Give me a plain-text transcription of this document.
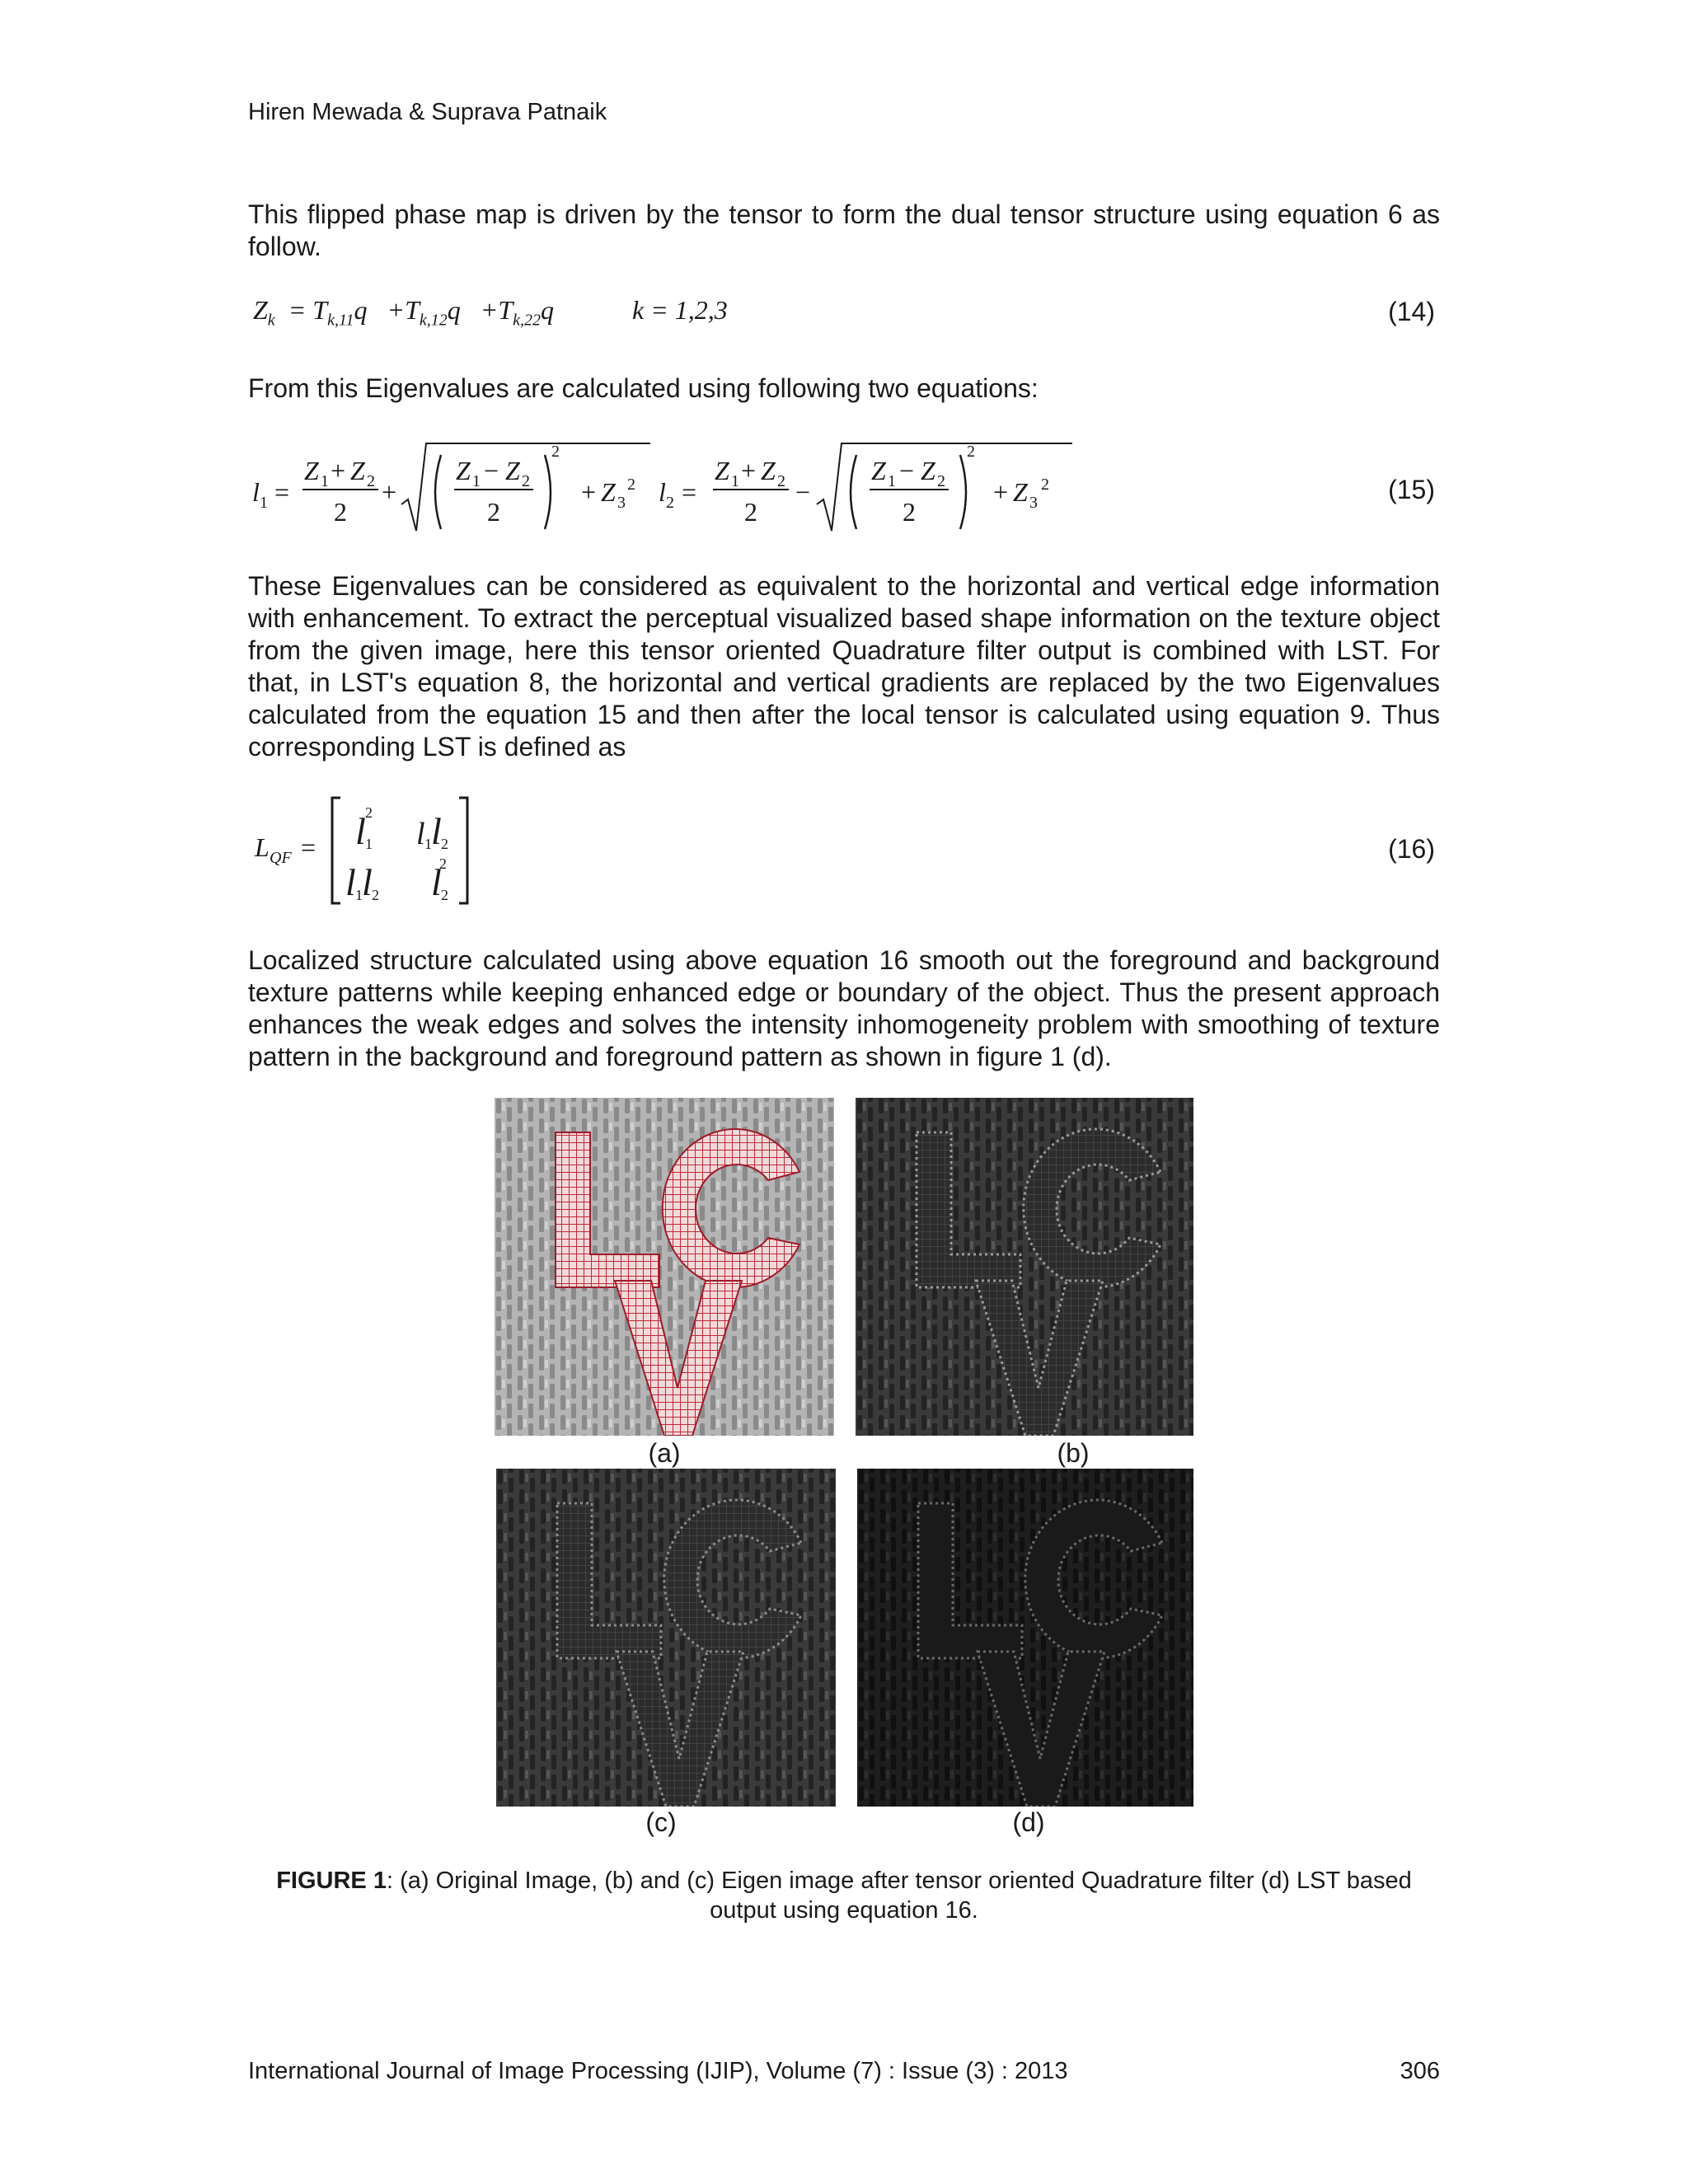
Hiren Mewada & Suprava Patnaik
This flipped phase map is driven by the tensor to form the dual tensor structure using equation 6 as follow.
$Z_k = T_{k,11}q +T_{k,12}q +T_{k,22}q$	k = 1,2,3	(14)
From this Eigenvalues are calculated using following two equations:
l 1 =
Z 1 + Z 2
2
+
Z 1 − Z 2
2
2
+ Z 3
2 l 2 =
Z 1 + Z 2
2
−
Z 1 − Z 2
2
2
+ Z 3
2	(15)
These Eigenvalues can be considered as equivalent to the horizontal and vertical edge information with enhancement. To extract the perceptual visualized based shape information on the texture object from the given image, here this tensor oriented Quadrature filter output is combined with LST. For that, in LST's equation 8, the horizontal and vertical gradients are replaced by the two Eigenvalues calculated from the equation 15 and then after the local tensor is calculated using equation 9. Thus corresponding LST is defined as
L QF = l 1
2
l 1 l 2
l 1 l 2 l 2
2	(16)
Localized structure calculated using above equation 16 smooth out the foreground and background texture patterns while keeping enhanced edge or boundary of the object. Thus the present approach enhances the weak edges and solves the intensity inhomogeneity problem with smoothing of texture pattern in the background and foreground pattern as shown in figure 1 (d).
(a)	(b)
(c)	(d)
FIGURE 1: (a) Original Image, (b) and (c) Eigen image after tensor oriented Quadrature filter (d) LST based output using equation 16.
International Journal of Image Processing (IJIP), Volume (7) : Issue (3) : 2013	306
